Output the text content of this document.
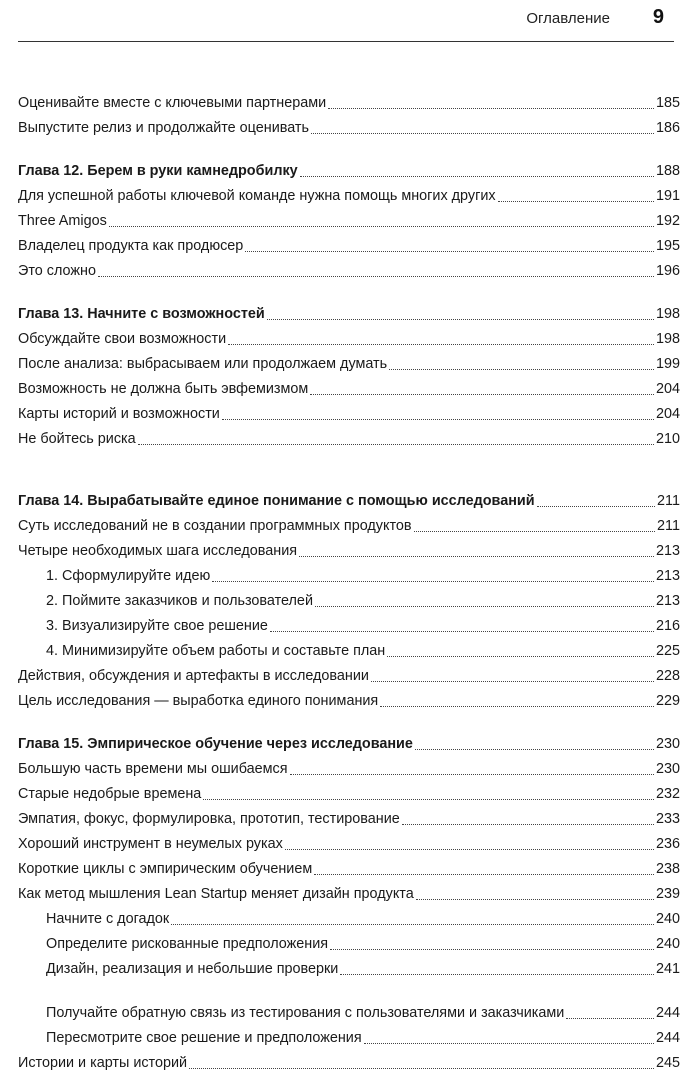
Оглавление 9
Оценивайте вместе с ключевыми партнерами	185
Выпустите релиз и продолжайте оценивать	186
Глава 12. Берем в руки камнедробилку	188
Для успешной работы ключевой команде нужна помощь многих других	191
Three Amigos	192
Владелец продукта как продюсер	195
Это сложно	196
Глава 13. Начните с возможностей	198
Обсуждайте свои возможности	198
После анализа: выбрасываем или продолжаем думать	199
Возможность не должна быть эвфемизмом	204
Карты историй и возможности	204
Не бойтесь риска	210
Глава 14. Вырабатывайте единое понимание с помощью исследований	211
Суть исследований не в создании программных продуктов	211
Четыре необходимых шага исследования	213
1. Сформулируйте идею	213
2. Поймите заказчиков и пользователей	213
3. Визуализируйте свое решение	216
4. Минимизируйте объем работы и составьте план	225
Действия, обсуждения и артефакты в исследовании	228
Цель исследования — выработка единого понимания	229
Глава 15. Эмпирическое обучение через исследование	230
Большую часть времени мы ошибаемся	230
Старые недобрые времена	232
Эмпатия, фокус, формулировка, прототип, тестирование	233
Хороший инструмент в неумелых руках	236
Короткие циклы с эмпирическим обучением	238
Как метод мышления Lean Startup меняет дизайн продукта	239
Начните с догадок	240
Определите рискованные предположения	240
Дизайн, реализация и небольшие проверки	241
Получайте обратную связь из тестирования с пользователями и заказчиками	244
Пересмотрите свое решение и предположения	244
Истории и карты историй	245
